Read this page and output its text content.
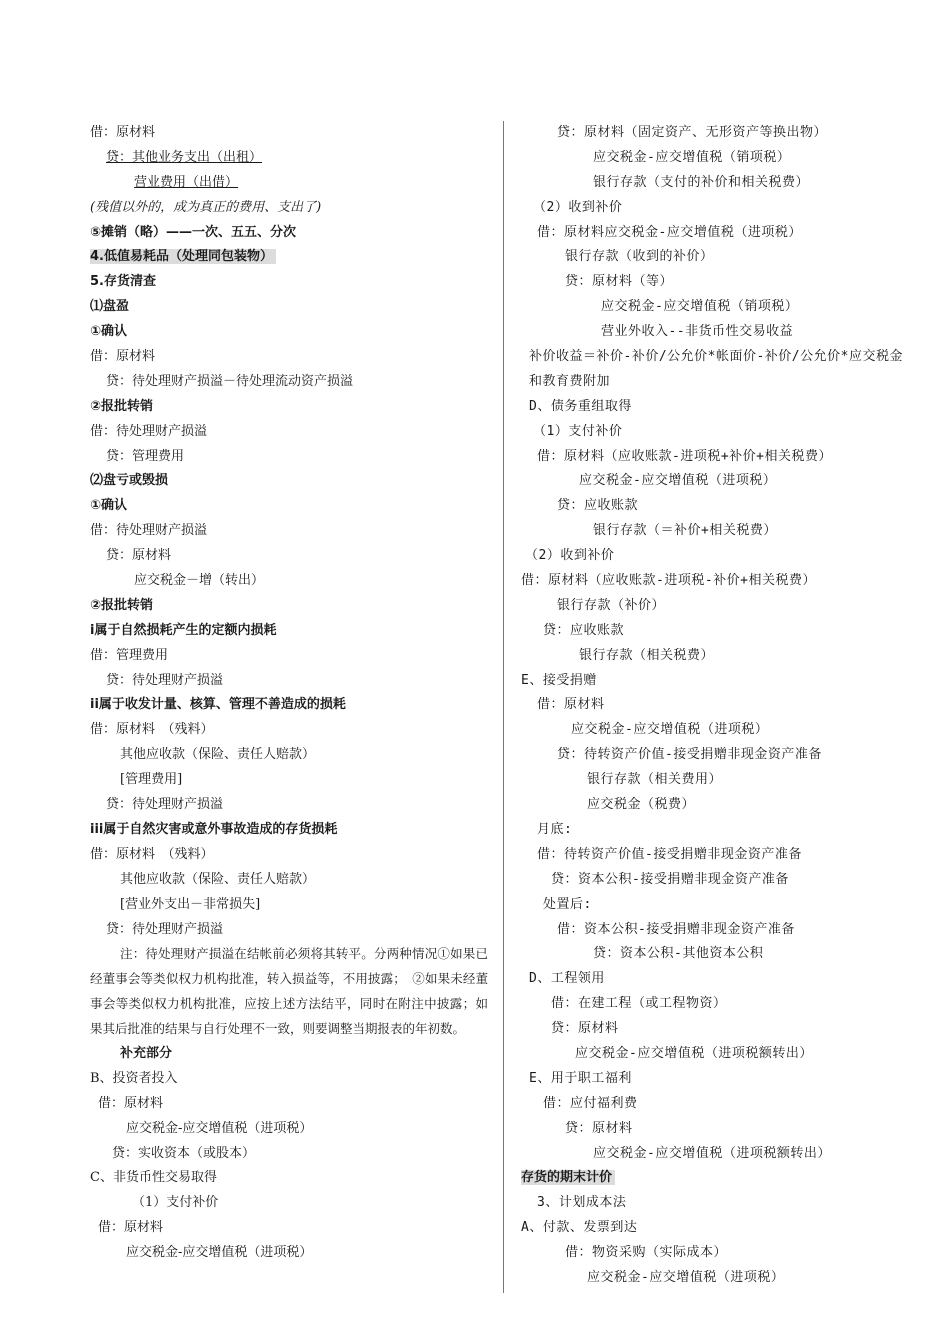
借：原材料
贷：其他业务支出（出租）
营业费用（出借）
(残值以外的，成为真正的费用、支出了)
⑤摊销（略）——一次、五五、分次
4.低值易耗品（处理同包装物）
5.存货清查
⑴盘盈
①确认
借：原材料
贷：待处理财产损溢－待处理流动资产损溢
②报批转销
借：待处理财产损溢
贷：管理费用
⑵盘亏或毁损
①确认
借：待处理财产损溢
贷：原材料
应交税金－增（转出）
②报批转销
i属于自然损耗产生的定额内损耗
借：管理费用
贷：待处理财产损溢
ii属于收发计量、核算、管理不善造成的损耗
借：原材料　（残料）
其他应收款（保险、责任人赔款）
[管理费用]
贷：待处理财产损溢
iii属于自然灾害或意外事故造成的存货损耗
借：原材料　（残料）
其他应收款（保险、责任人赔款）
[营业外支出－非常损失]
贷：待处理财产损溢
注：待处理财产损溢在结帐前必须将其转平。分两种情况①如果已经董事会等类似权力机构批准，转入损益等，不用披露；　②如果未经董事会等类似权力机构批准，应按上述方法结平，同时在附注中披露；如果其后批准的结果与自行处理不一致，则要调整当期报表的年初数。
补充部分
B、投资者投入
借：原材料
应交税金-应交增值税（进项税）
贷：实收资本（或股本）
C、非货币性交易取得
（1）支付补价
借：原材料
应交税金-应交增值税（进项税）
贷：原材料（固定资产、无形资产等换出物）
应交税金-应交增值税（销项税）
银行存款（支付的补价和相关税费）
（2）收到补价
借：原材料应交税金-应交增值税（进项税）
银行存款（收到的补价）
贷：原材料（等）
应交税金-应交增值税（销项税）
营业外收入--非货币性交易收益
补价收益＝补价-补价/公允价*帐面价-补价/公允价*应交税金
和教育费附加
D、债务重组取得
（1）支付补价
借：原材料（应收账款-进项税+补价+相关税费）
应交税金-应交增值税（进项税）
贷：应收账款
银行存款（＝补价+相关税费）
（2）收到补价
借：原材料（应收账款-进项税-补价+相关税费）
银行存款（补价）
贷：应收账款
银行存款（相关税费）
E、接受捐赠
借：原材料
应交税金-应交增值税（进项税）
贷：待转资产价值-接受捐赠非现金资产准备
银行存款（相关费用）
应交税金（税费）
月底:
借：待转资产价值-接受捐赠非现金资产准备
贷：资本公积-接受捐赠非现金资产准备
处置后:
借：资本公积-接受捐赠非现金资产准备
贷：资本公积-其他资本公积
D、工程领用
借：在建工程（或工程物资）
贷：原材料
应交税金-应交增值税（进项税额转出）
E、用于职工福利
借：应付福利费
贷：原材料
应交税金-应交增值税（进项税额转出）
存货的期末计价
3、计划成本法
A、付款、发票到达
借：物资采购（实际成本）
应交税金-应交增值税（进项税）
